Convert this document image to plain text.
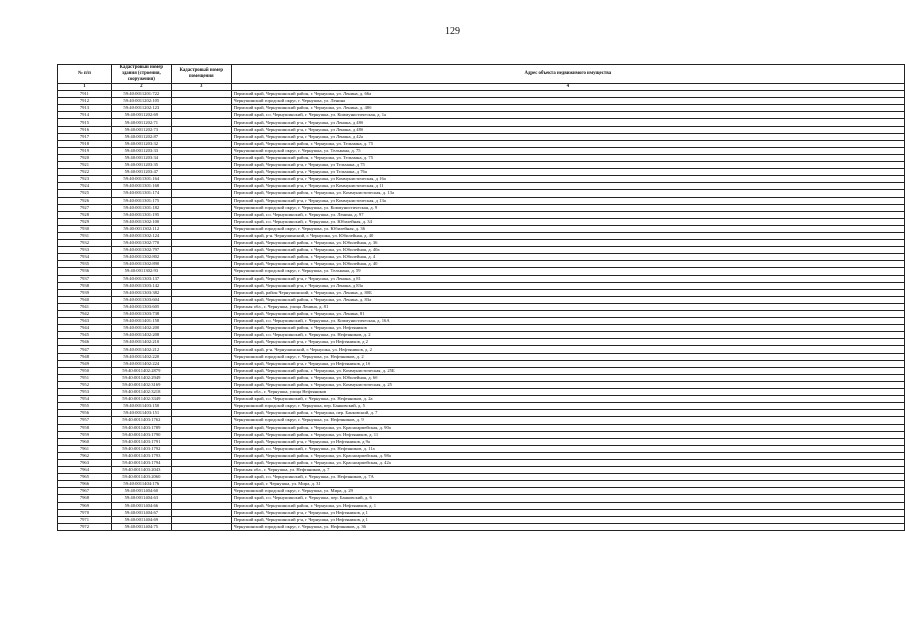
129
№ п/п	Кадастровый номер здания (строения, сооружения)	Кадастровый номер помещения	Адрес объекта недвижимого имущества
1	2	3	4
7911	59:40:0011201:722		Пермский край, Чернушинский район, г. Чернушка, ул. Ленина, д. 66а
7912	59:40:0011202:105		Чернушинский городской округ, г. Чернушка, ул. Ленина
7913	59:40:0011202:123		Пермский край, Чернушинский район, г. Чернушка, ул. Ленина, д. 48б
7914	59:40:0011202:69		Пермский край, г.о. Чернушинский, г. Чернушка, ул. Коммунистическая, д. 1а
7915	59:40:0011202:71		Пермский край, Чернушинский р-н, г Чернушка, ул Ленина, д 48б
7916	59:40:0011202:73		Пермский край, Чернушинский р-н, г Чернушка, ул Ленина, д 48б
7917	59:40:0011202:87		Пермский край, Чернушинский р-н, г Чернушка, ул Ленина, д 42а
7918	59:40:0011203:32		Пермский край, Чернушинский район, г. Чернушка, ул. Тельмана, д. 75
7919	59:40:0011203:33		Чернушинский городской округ, г. Чернушка, ул. Тельмана, д. 75
7920	59:40:0011203:34		Пермский край, Чернушинский район, г. Чернушка, ул. Тельмана, д. 75
7921	59:40:0011203:35		Пермский край, Чернушинский р-н, г Чернушка, ул Тельмана, д 75
7922	59:40:0011203:47		Пермский край, Чернушинский р-н, г Чернушка, ул Тельмана, д 76а
7923	59:40:0011301:164		Пермский край, Чернушинский р-н, г Чернушка, ул Коммунистическая, д 16а
7924	59:40:0011301:168		Пермский край, Чернушинский р-н, г Чернушка, ул Коммунистическая, д 11
7925	59:40:0011301:174		Пермский край, Чернушинский район, г. Чернушка, ул. Коммунистическая, д. 13а
7926	59:40:0011301:175		Пермский край, Чернушинский р-н, г Чернушка, ул Коммунистическая, д 13а
7927	59:40:0011301:182		Чернушинский городской округ, г. Чернушка, ул. Коммунистическая, д. 9
7928	59:40:0011301:195		Пермский край, г.о. Чернушинский, г. Чернушка, ул. Ленина, д. 97
7929	59:40:0011302:100		Пермский край, г.о. Чернушинский, г. Чернушка, ул. Юбилейная, д. 34
7930	59:40:0011302:112		Чернушинский городской округ, г. Чернушка, ул. Юбилейная, д. 36
7931	59:40:0011302:124		Пермский край, р-н. Чернушинский, г. Чернушка, ул. Юбилейная, д. 40
7932	59:40:0011302:770		Пермский край, Чернушинский район, г. Чернушка, ул. Юбилейная, д. 36
7933	59:40:0011302:797		Пермский край, Чернушинский район, г. Чернушка, ул. Юбилейная, д. 40а
7934	59:40:0011302:802		Пермский край, Чернушинский район, г. Чернушка, ул. Юбилейная, д. 4
7935	59:40:0011302:890		Пермский край, Чернушинский район, г. Чернушка, ул. Юбилейная, д. 40
7936	59:40:0011302:93		Чернушинский городской округ, г. Чернушка, ул. Тельмана, д. 59
7937	59:40:0011303:137		Пермский край, Чернушинский р-н, г Чернушка, ул Ленина, д 81
7938	59:40:0011303:142		Пермский край, Чернушинский р-н, г Чернушка, ул Ленина, д 83а
7939	59:40:0011303:382		Пермский край, район Чернушинский, г. Чернушка, ул. Ленина, д. 80Б
7940	59:40:0011303:604		Пермский край, Чернушинский район, г. Чернушка, ул. Ленина, д. 83а
7941	59:40:0011303:605		Пермская обл., г. Чернушка, улица Ленина, д. 81
7942	59:40:0011303:738		Пермский край, Чернушинский район, г. Чернушка, ул. Ленина, 81
7943	59:40:0011401:158		Пермский край, г.о. Чернушинский, г. Чернушка, ул. Коммунистическая, д. 16А
7944	59:40:0011402:200		Пермский край, Чернушинский район, г. Чернушка, ул. Нефтяников
7945	59:40:0011402:208		Пермский край, г.о. Чернушинский, г. Чернушка, ул. Нефтяников, д. 2
7946	59:40:0011402:210		Пермский край, Чернушинский р-н, г Чернушка, ул Нефтяников, д 2
7947	59:40:0011402:212		Пермский край, р-н. Чернушинский, г. Чернушка, ул. Нефтяников, д. 2
7948	59:40:0011402:220		Чернушинский городской округ, г. Чернушка, ул. Нефтяников, д. 2
7949	59:40:0011402:224		Пермский край, Чернушинский р-н, г Чернушка, ул Нефтяников, д 1б
7950	59:40:0011402:2879		Пермский край, Чернушинский район, г. Чернушка, ул. Коммунистическая, д. 25Б
7951	59:40:0011402:2949		Пермский край, Чернушинский район, г. Чернушка, ул. Юбилейная, д. 6б
7952	59:40:0011402:3169		Пермский край, Чернушинский район, г. Чернушка, ул. Коммунистическая, д. 25
7953	59:40:0011402:3218		Пермская обл., г. Чернушка, улица Нефтяников
7954	59:40:0011402:3349		Пермский край, г.о. Чернушинский, г. Чернушка, ул. Нефтяников, д. 2а
7955	59:40:0011403:150		Чернушинский городской округ, г. Чернушка, пер. Банковский, д. 5
7956	59:40:0011403:151		Пермский край, Чернушинский район, г. Чернушка, пер. Банковский, д. 7
7957	59:40:0011403:1762		Чернушинский городской округ, г. Чернушка, ул. Нефтяников, д. 9
7958	59:40:0011403:1789		Пермский край, Чернушинский район, г. Чернушка, ул. Красноармейская, д. 90а
7959	59:40:0011403:1790		Пермский край, Чернушинский район, г. Чернушка, ул. Нефтяников, д. 11
7960	59:40:0011403:1791		Пермский край, Чернушинский р-н, г Чернушка, ул Нефтяников, д 9а
7961	59:40:0011403:1792		Пермский край, г.о. Чернушинский, г. Чернушка, ул. Нефтяников, д. 11а
7962	59:40:0011403:1793		Пермский край, Чернушинский район, г. Чернушка, ул. Красноармейская, д. 98а
7963	59:40:0011403:1794		Пермский край, Чернушинский район, г. Чернушка, ул. Красноармейская, д. 42а
7964	59:40:0011403:2043		Пермская обл., г. Чернушка, ул. Нефтяников, д. 7
7965	59:40:0011403:2060		Пермский край, г.о. Чернушинский, г. Чернушка, ул. Нефтяников, д. 7А
7966	59:40:0011404:176		Пермский край, г. Чернушка, ул. Мира, д. 31
7967	59:40:0011404:60		Чернушинский городской округ, г. Чернушка, ул. Мира, д. 29
7968	59:40:0011404:63		Пермский край, г.о. Чернушинский, г. Чернушка, пер. Банковский, д. 6
7969	59:40:0011404:66		Пермский край, Чернушинский район, г. Чернушка, ул. Нефтяников, д. 1
7970	59:40:0011404:67		Пермский край, Чернушинский р-н, г Чернушка, ул Нефтяников, д 1
7971	59:40:0011404:69		Пермский край, Чернушинский р-н, г Чернушка, ул Нефтяников, д 1
7972	59:40:0011404:75		Чернушинский городской округ, г. Чернушка, ул. Нефтяников, д. 36
